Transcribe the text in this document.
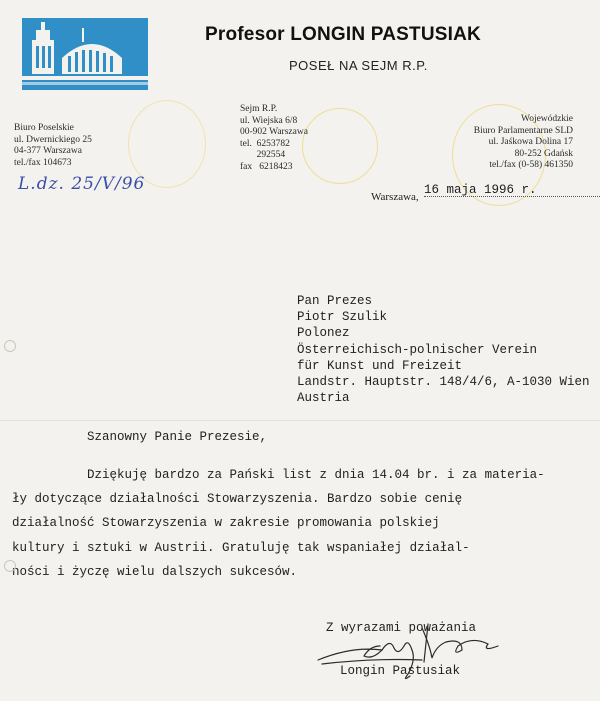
Profesor LONGIN PASTUSIAK
POSEŁ NA SEJM R.P.
Biuro Poselskie
ul. Dwernickiego 25
04-377 Warszawa
tel./fax 104673
Sejm R.P.
ul. Wiejska 6/8
00-902 Warszawa
tel.  6253782
292554
fax   6218423
Wojewódzkie
Biuro Parlamentarne SLD
ul. Jaśkowa Dolina 17
80-252 Gdańsk
tel./fax (0-58) 461350
L.dz. 25/V/96
Warszawa, 16 maja 1996 r.
Pan Prezes
Piotr Szulik
Polonez
Österreichisch-polnischer Verein
für Kunst und Freizeit
Landstr. Hauptstr. 148/4/6, A-1030 Wien
Austria
Szanowny Panie Prezesie,
Dziękuję bardzo za Pański list z dnia 14.04 br. i za materia-
ły dotyczące działalności Stowarzyszenia. Bardzo sobie cenię
działalność Stowarzyszenia w zakresie promowania polskiej
kultury i sztuki w Austrii. Gratuluję tak wspaniałej działal-
ności i życzę wielu dalszych sukcesów.
Z wyrazami poważania
Longin Pastusiak
